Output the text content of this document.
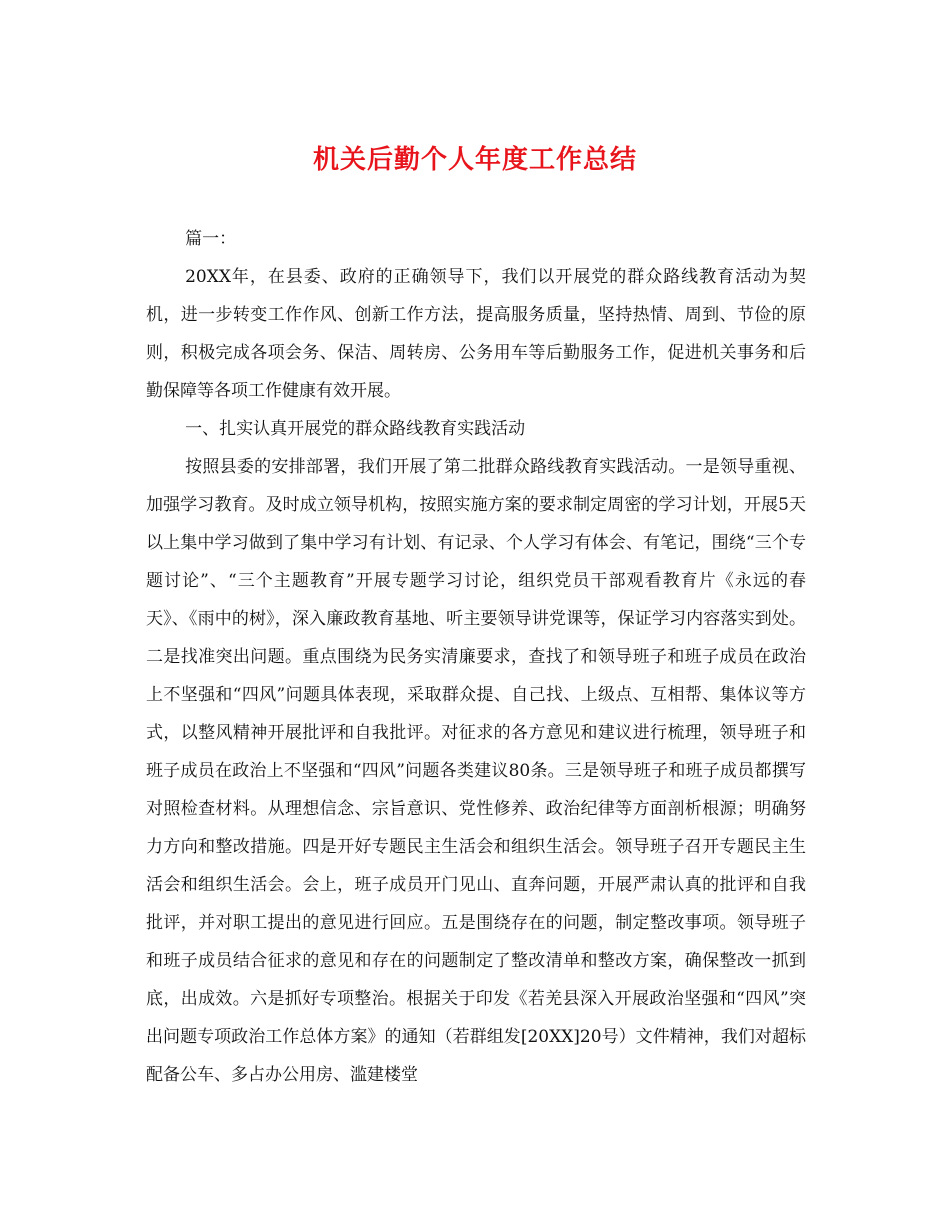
机关后勤个人年度工作总结

篇一：

20XX年，在县委、政府的正确领导下，我们以开展党的群众路线教育活动为契机，进一步转变工作作风、创新工作方法，提高服务质量，坚持热情、周到、节俭的原则，积极完成各项会务、保洁、周转房、公务用车等后勤服务工作，促进机关事务和后勤保障等各项工作健康有效开展。

一、扎实认真开展党的群众路线教育实践活动

按照县委的安排部署，我们开展了第二批群众路线教育实践活动。一是领导重视、加强学习教育。及时成立领导机构，按照实施方案的要求制定周密的学习计划，开展5天以上集中学习做到了集中学习有计划、有记录、个人学习有体会、有笔记，围绕“三个专题讨论”、“三个主题教育”开展专题学习讨论，组织党员干部观看教育片《永远的春天》、《雨中的树》，深入廉政教育基地、听主要领导讲党课等，保证学习内容落实到处。二是找准突出问题。重点围绕为民务实清廉要求，查找了和领导班子和班子成员在政治上不坚强和“四风”问题具体表现，采取群众提、自己找、上级点、互相帮、集体议等方式，以整风精神开展批评和自我批评。对征求的各方意见和建议进行梳理，领导班子和班子成员在政治上不坚强和“四风”问题各类建议80条。三是领导班子和班子成员都撰写对照检查材料。从理想信念、宗旨意识、党性修养、政治纪律等方面剖析根源；明确努力方向和整改措施。四是开好专题民主生活会和组织生活会。领导班子召开专题民主生活会和组织生活会。会上，班子成员开门见山、直奔问题，开展严肃认真的批评和自我批评，并对职工提出的意见进行回应。五是围绕存在的问题，制定整改事项。领导班子和班子成员结合征求的意见和存在的问题制定了整改清单和整改方案，确保整改一抓到底，出成效。六是抓好专项整治。根据关于印发《若羌县深入开展政治坚强和“四风”突出问题专项政治工作总体方案》的通知（若群组发[20XX]20号）文件精神，我们对超标配备公车、多占办公用房、滥建楼堂
